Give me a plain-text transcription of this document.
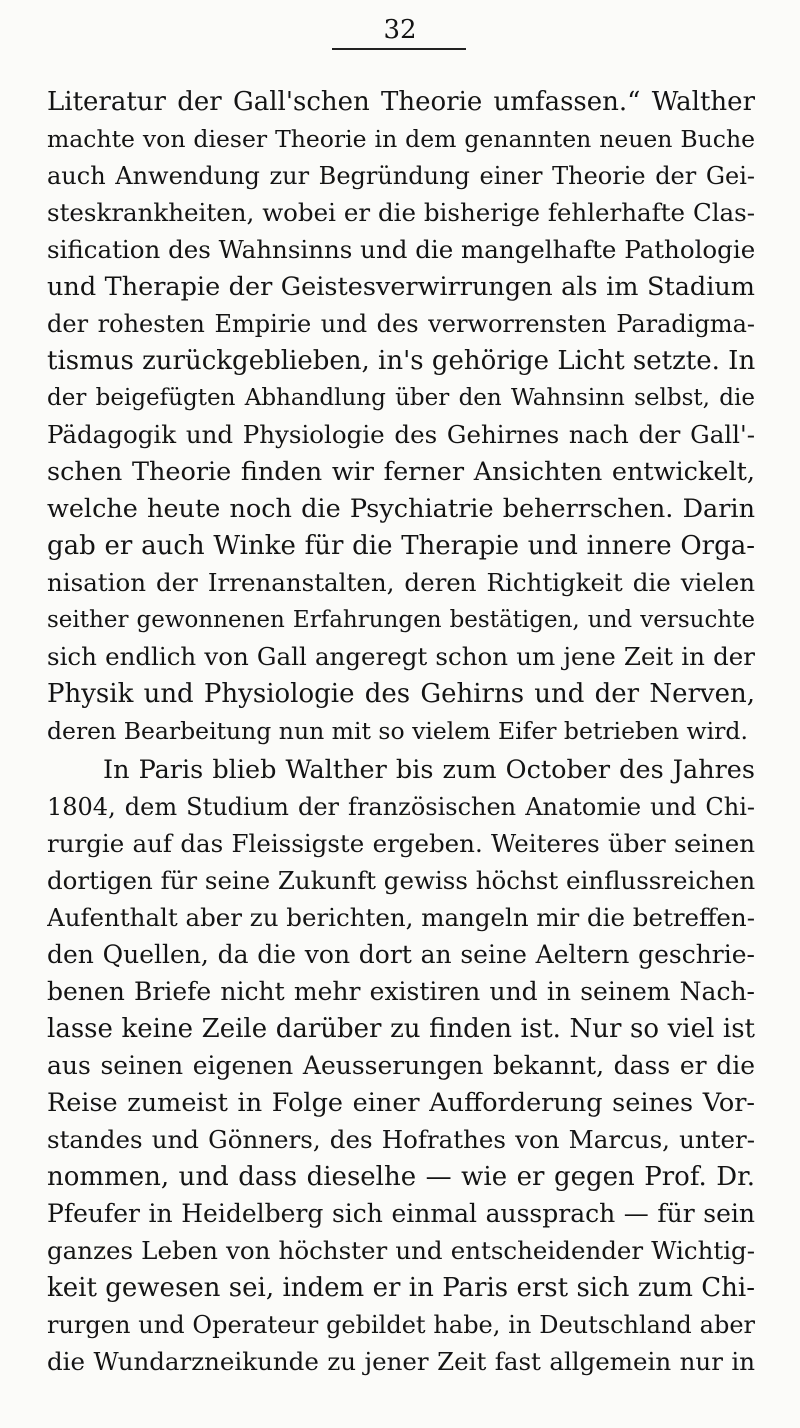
32
Literatur der Gall'schen Theorie umfassen.“ Walther
machte von dieser Theorie in dem genannten neuen Buche
auch Anwendung zur Begründung einer Theorie der Gei-
steskrankheiten, wobei er die bisherige fehlerhafte Clas-
sification des Wahnsinns und die mangelhafte Pathologie
und Therapie der Geistesverwirrungen als im Stadium
der rohesten Empirie und des verworrensten Paradigma-
tismus zurückgeblieben, in's gehörige Licht setzte. In
der beigefügten Abhandlung über den Wahnsinn selbst, die
Pädagogik und Physiologie des Gehirnes nach der Gall'-
schen Theorie finden wir ferner Ansichten entwickelt,
welche heute noch die Psychiatrie beherrschen. Darin
gab er auch Winke für die Therapie und innere Orga-
nisation der Irrenanstalten, deren Richtigkeit die vielen
seither gewonnenen Erfahrungen bestätigen, und versuchte
sich endlich von Gall angeregt schon um jene Zeit in der
Physik und Physiologie des Gehirns und der Nerven,
deren Bearbeitung nun mit so vielem Eifer betrieben wird.
In Paris blieb Walther bis zum October des Jahres
1804, dem Studium der französischen Anatomie und Chi-
rurgie auf das Fleissigste ergeben. Weiteres über seinen
dortigen für seine Zukunft gewiss höchst einflussreichen
Aufenthalt aber zu berichten, mangeln mir die betreffen-
den Quellen, da die von dort an seine Aeltern geschrie-
benen Briefe nicht mehr existiren und in seinem Nach-
lasse keine Zeile darüber zu finden ist. Nur so viel ist
aus seinen eigenen Aeusserungen bekannt, dass er die
Reise zumeist in Folge einer Aufforderung seines Vor-
standes und Gönners, des Hofrathes von Marcus, unter-
nommen, und dass dieselhe — wie er gegen Prof. Dr.
Pfeufer in Heidelberg sich einmal aussprach — für sein
ganzes Leben von höchster und entscheidender Wichtig-
keit gewesen sei, indem er in Paris erst sich zum Chi-
rurgen und Operateur gebildet habe, in Deutschland aber
die Wundarzneikunde zu jener Zeit fast allgemein nur in
